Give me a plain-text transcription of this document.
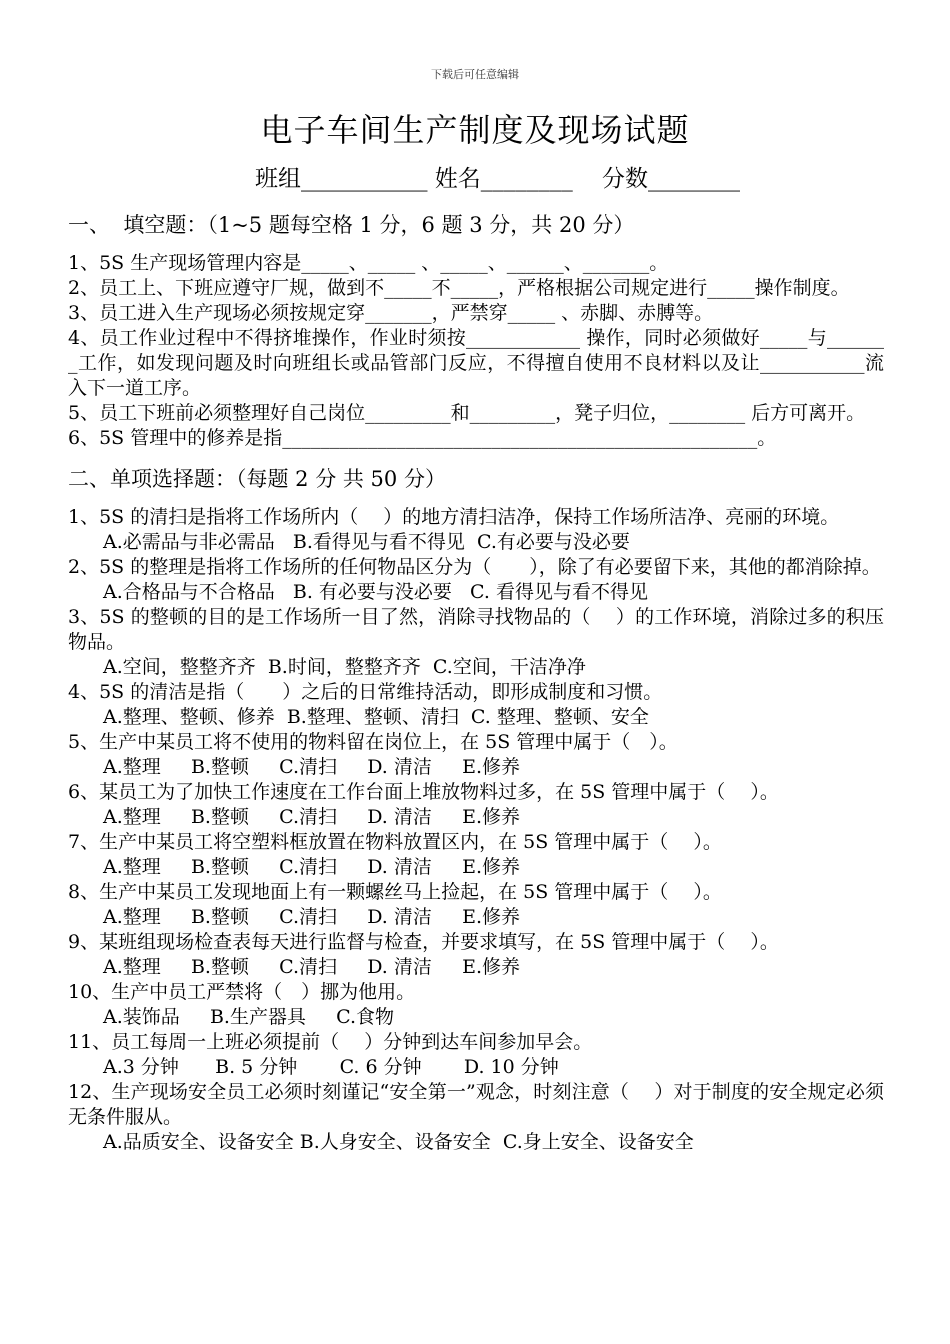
下载后可任意编辑
电子车间生产制度及现场试题
班组___________ 姓名________    分数________
一、  填空题：（1~5 题每空格 1 分，6 题 3 分，共 20 分）
1、5S 生产现场管理内容是_____、_____ 、_____、______、_______。
2、员工上、下班应遵守厂规，做到不_____不_____，严格根据公司规定进行_____操作制度。
3、员工进入生产现场必须按规定穿_______，严禁穿_____ 、赤脚、赤膊等。
4、员工作业过程中不得挤堆操作，作业时须按____________ 操作，同时必须做好_____与_______工作，如发现问题及时向班组长或品管部门反应，不得擅自使用不良材料以及让___________流入下一道工序。
5、员工下班前必须整理好自己岗位_________和_________，凳子归位，________ 后方可离开。
6、5S 管理中的修养是指__________________________________________________。
二、单项选择题：（每题 2 分 共 50 分）
1、5S 的清扫是指将工作场所内（　 ）的地方清扫洁净，保持工作场所洁净、亮丽的环境。
A.必需品与非必需品   B.看得见与看不得见  C.有必要与没必要
2、5S 的整理是指将工作场所的任何物品区分为（　　），除了有必要留下来，其他的都消除掉。
A.合格品与不合格品   B. 有必要与没必要   C. 看得见与看不得见
3、5S 的整顿的目的是工作场所一目了然，消除寻找物品的（　 ）的工作环境，消除过多的积压物品。
A.空间，整整齐齐  B.时间，整整齐齐  C.空间，干洁净净
4、5S 的清洁是指（　　）之后的日常维持活动，即形成制度和习惯。
A.整理、整顿、修养  B.整理、整顿、清扫  C. 整理、整顿、安全
5、生产中某员工将不使用的物料留在岗位上，在 5S 管理中属于（　）。
A.整理     B.整顿     C.清扫     D. 清洁     E.修养
6、某员工为了加快工作速度在工作台面上堆放物料过多，在 5S 管理中属于（　 ）。
A.整理     B.整顿     C.清扫     D. 清洁     E.修养
7、生产中某员工将空塑料框放置在物料放置区内，在 5S 管理中属于（　 ）。
A.整理     B.整顿     C.清扫     D. 清洁     E.修养
8、生产中某员工发现地面上有一颗螺丝马上捡起，在 5S 管理中属于（　 ）。
A.整理     B.整顿     C.清扫     D. 清洁     E.修养
9、某班组现场检查表每天进行监督与检查，并要求填写，在 5S 管理中属于（　 ）。
A.整理     B.整顿     C.清扫     D. 清洁     E.修养
10、生产中员工严禁将（　）挪为他用。
A.装饰品     B.生产器具     C.食物
11、员工每周一上班必须提前（　 ）分钟到达车间参加早会。
A.3 分钟      B. 5 分钟       C. 6 分钟       D. 10 分钟
12、生产现场安全员工必须时刻谨记“安全第一”观念，时刻注意（　 ）对于制度的安全规定必须无条件服从。
A.品质安全、设备安全 B.人身安全、设备安全  C.身上安全、设备安全
